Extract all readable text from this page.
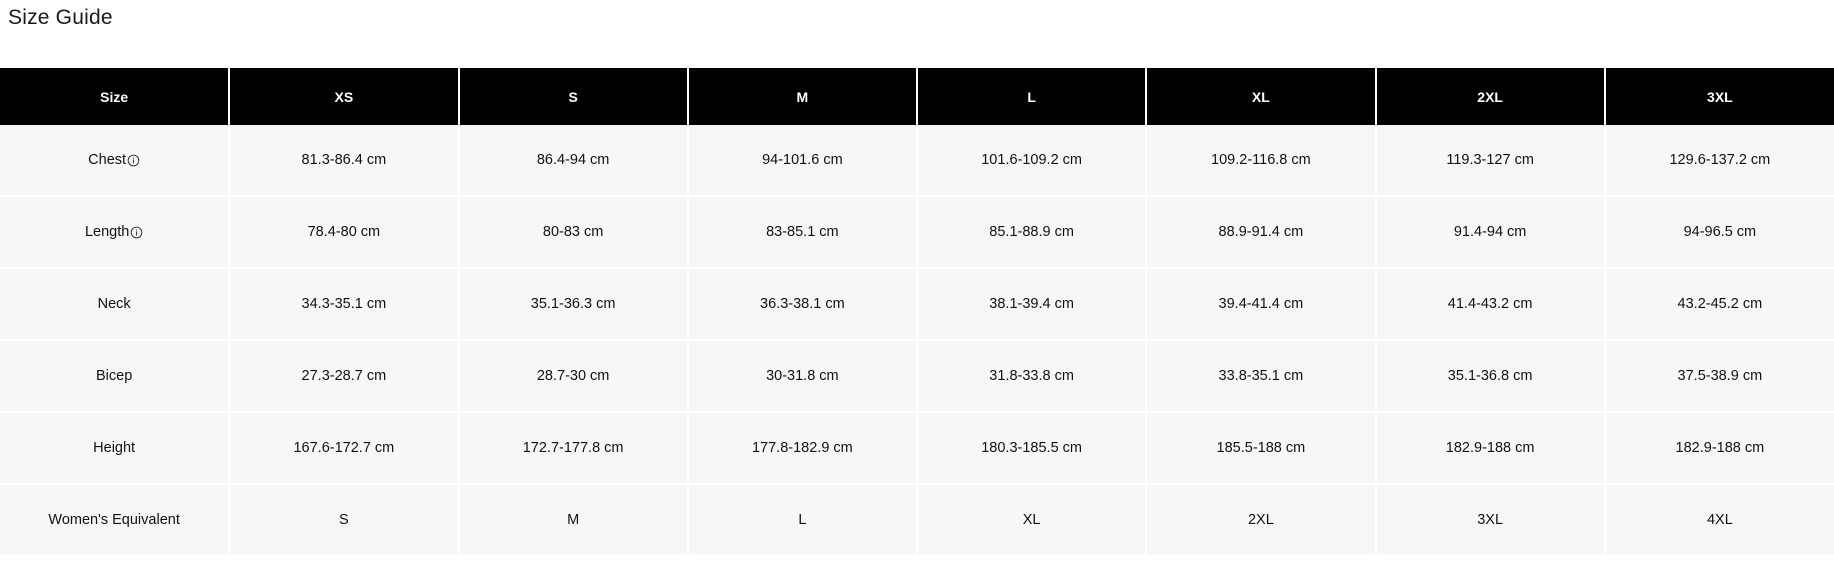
Size Guide
Size	XS	S	M	L	XL	2XL	3XL

Chest	81.3-86.4 cm	86.4-94 cm	94-101.6 cm	101.6-109.2 cm	109.2-116.8 cm	119.3-127 cm	129.6-137.2 cm

Length	78.4-80 cm	80-83 cm	83-85.1 cm	85.1-88.9 cm	88.9-91.4 cm	91.4-94 cm	94-96.5 cm

Neck	34.3-35.1 cm	35.1-36.3 cm	36.3-38.1 cm	38.1-39.4 cm	39.4-41.4 cm	41.4-43.2 cm	43.2-45.2 cm

Bicep	27.3-28.7 cm	28.7-30 cm	30-31.8 cm	31.8-33.8 cm	33.8-35.1 cm	35.1-36.8 cm	37.5-38.9 cm

Height	167.6-172.7 cm	172.7-177.8 cm	177.8-182.9 cm	180.3-185.5 cm	185.5-188 cm	182.9-188 cm	182.9-188 cm

Women's Equivalent	S	M	L	XL	2XL	3XL	4XL
